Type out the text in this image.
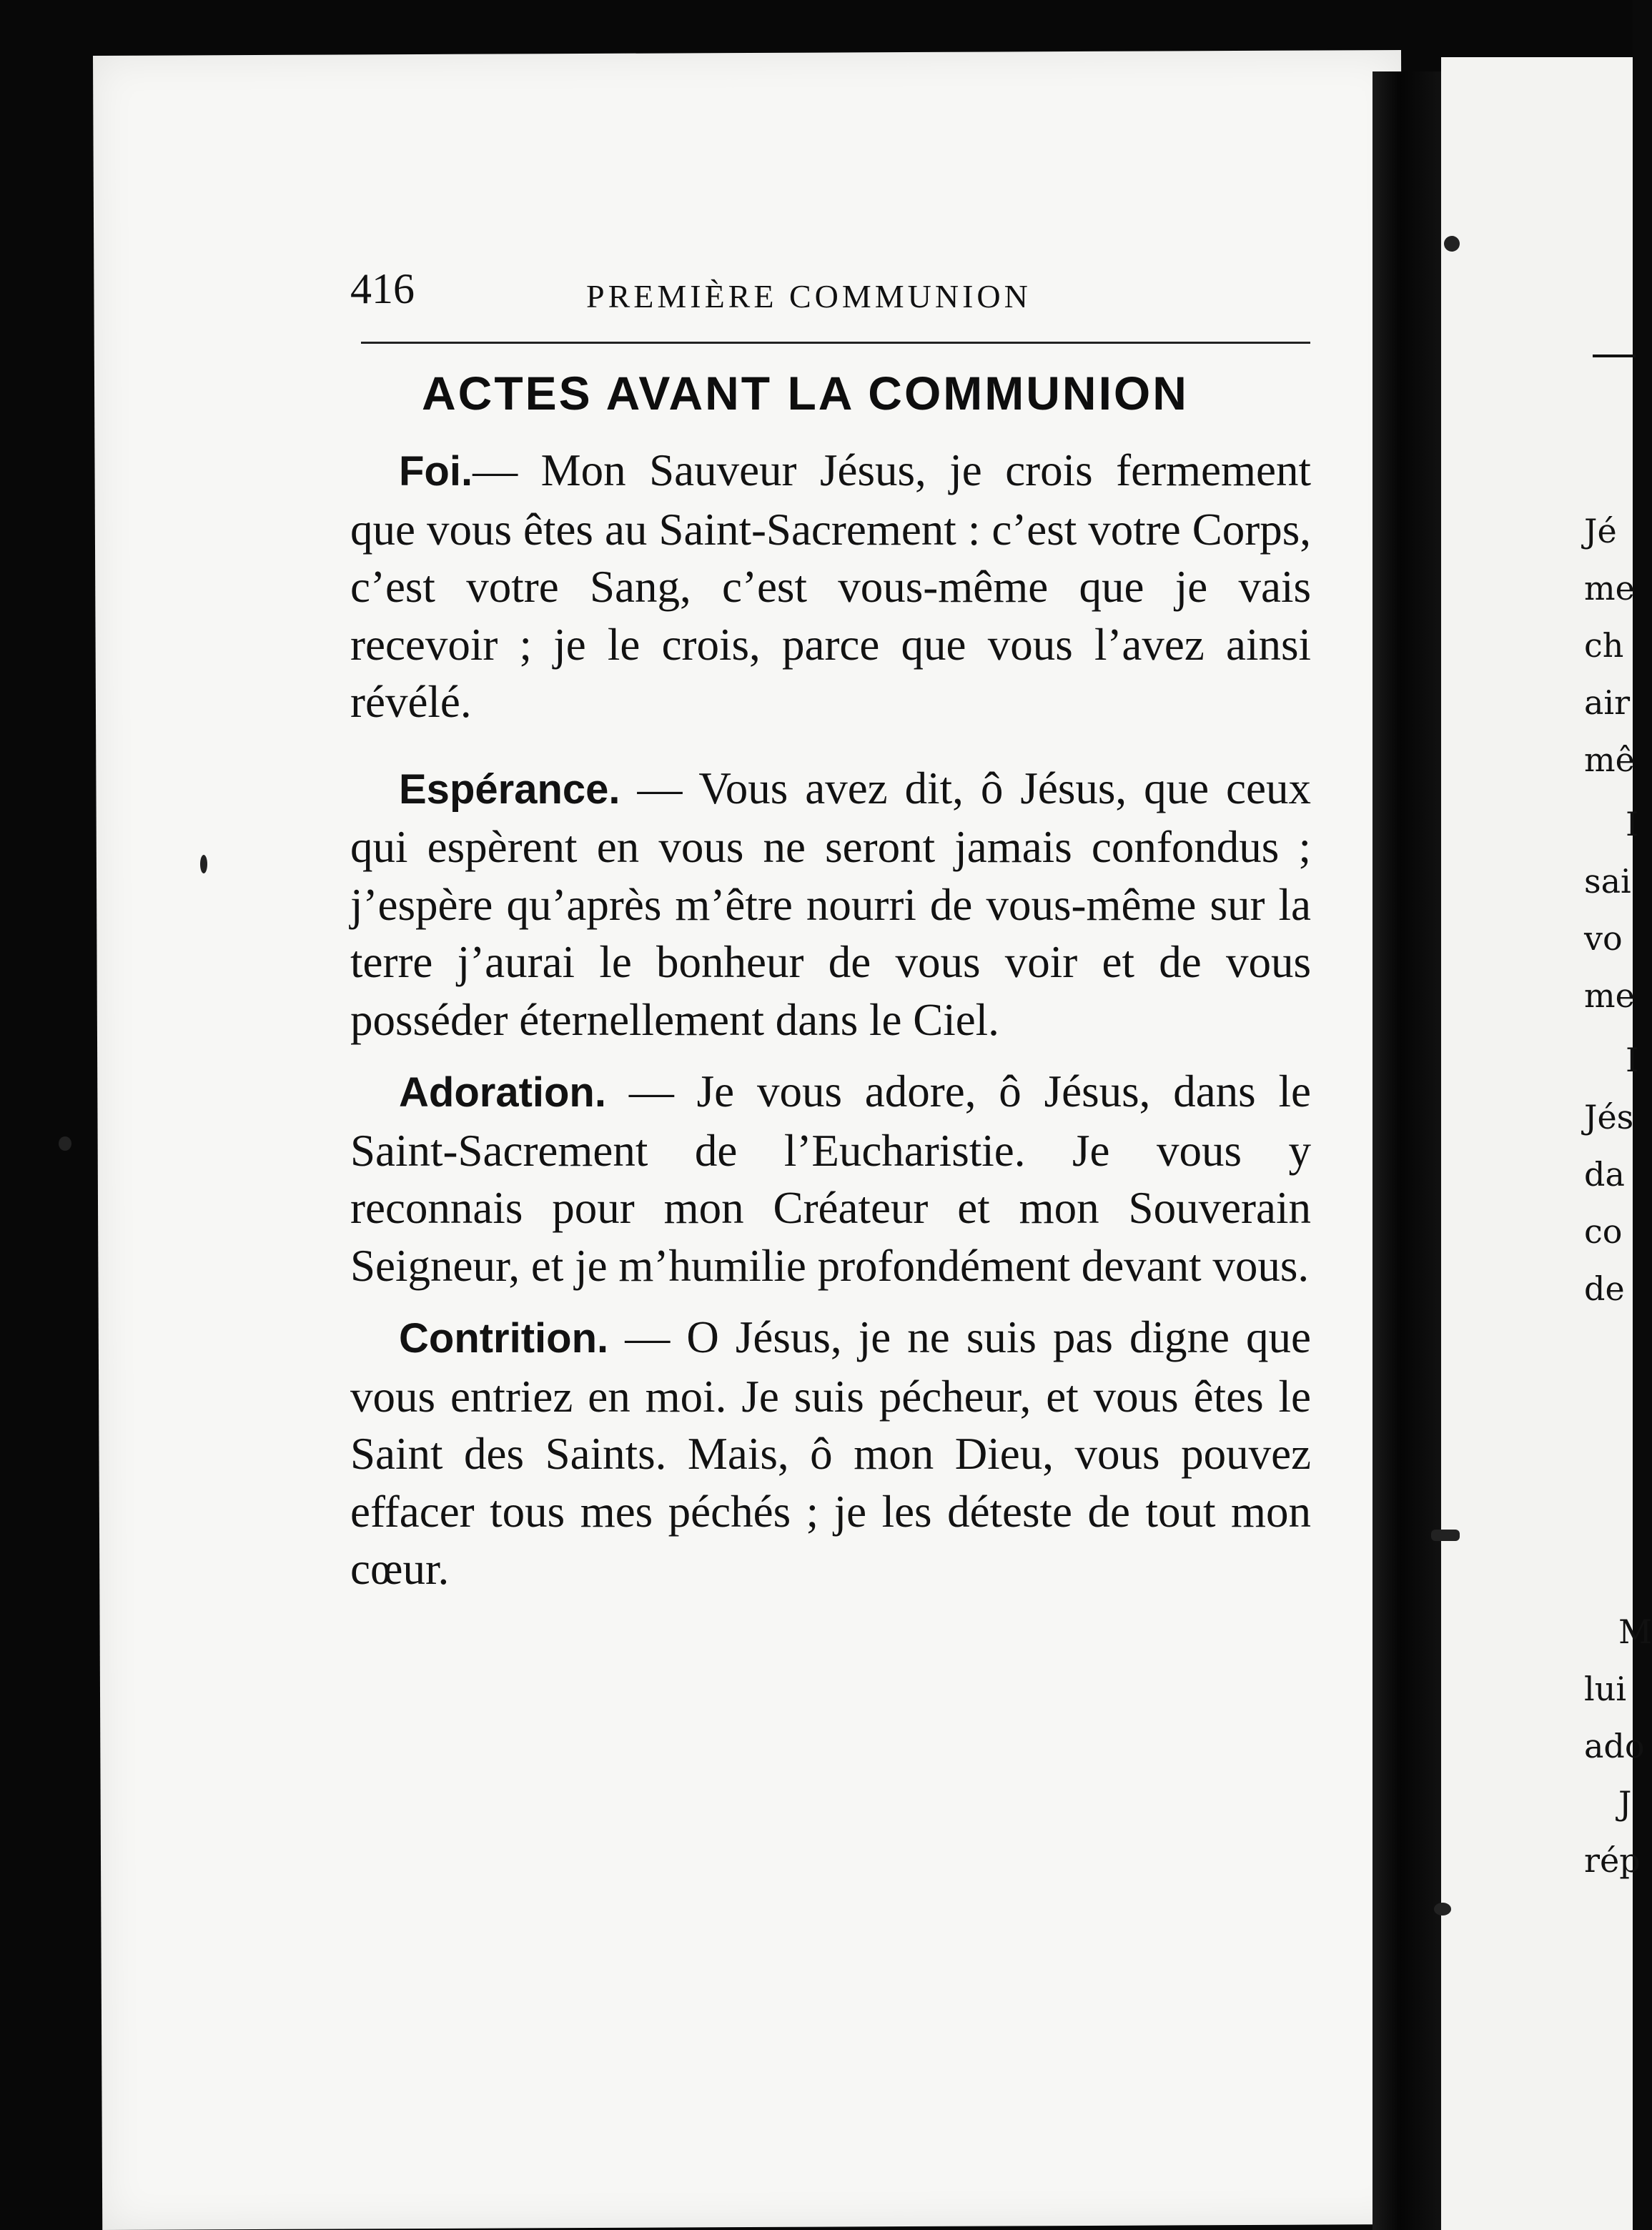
Jé
me
ch
air
mê
I
sai
vo
me
I
Jés
da
co
de
M
lui
ado
J
rép
416	PREMIÈRE COMMUNION
ACTES AVANT LA COMMUNION

Foi.— Mon Sauveur Jésus, je crois fermement que vous êtes au Saint-Sacrement : c’est votre Corps, c’est votre Sang, c’est vous-même que je vais recevoir ; je le crois, parce que vous l’avez ainsi révélé.

Espérance. — Vous avez dit, ô Jésus, que ceux qui espèrent en vous ne seront jamais confondus ; j’espère qu’après m’être nourri de vous-même sur la terre j’aurai le bonheur de vous voir et de vous posséder éternellement dans le Ciel.

Adoration. — Je vous adore, ô Jésus, dans le Saint-Sacrement de l’Eucharistie. Je vous y reconnais pour mon Créateur et mon Souverain Seigneur, et je m’humilie profondément devant vous.

Contrition. — O Jésus, je ne suis pas digne que vous entriez en moi. Je suis pécheur, et vous êtes le Saint des Saints. Mais, ô mon Dieu, vous pouvez effacer tous mes péchés ; je les déteste de tout mon cœur.
